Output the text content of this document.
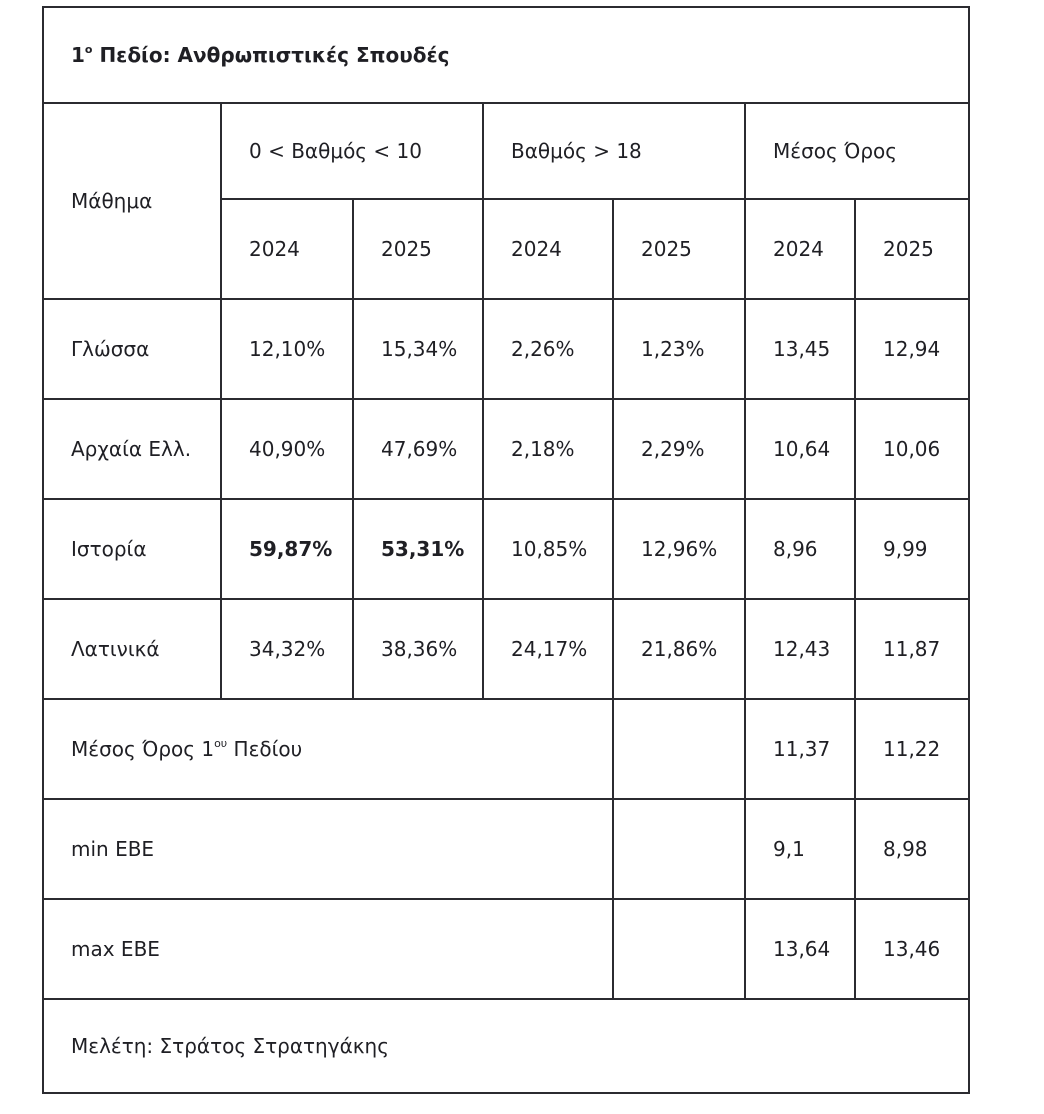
$1^o$ Πεδίο: Ανθρωπιστικές Σπουδές						
Μάθημα	0 < Βαθμός < 10		Βαθμός > 18		Μέσος Όρος	
	2024	2025	2024	2025	2024	2025
Γλώσσα	12,10%	15,34%	2,26%	1,23%	13,45	12,94
Αρχαία Ελλ.	40,90%	47,69%	2,18%	2,29%	10,64	10,06
Ιστορία	59,87%	53,31%	10,85%	12,96%	8,96	9,99
Λατινικά	34,32%	38,36%	24,17%	21,86%	12,43	11,87
Μέσος Όρος $1^{o\upsilon}$ Πεδίου					11,37	11,22
min ΕΒΕ					9,1	8,98
max ΕΒΕ					13,64	13,46
Μελέτη: Στράτος Στρατηγάκης						
